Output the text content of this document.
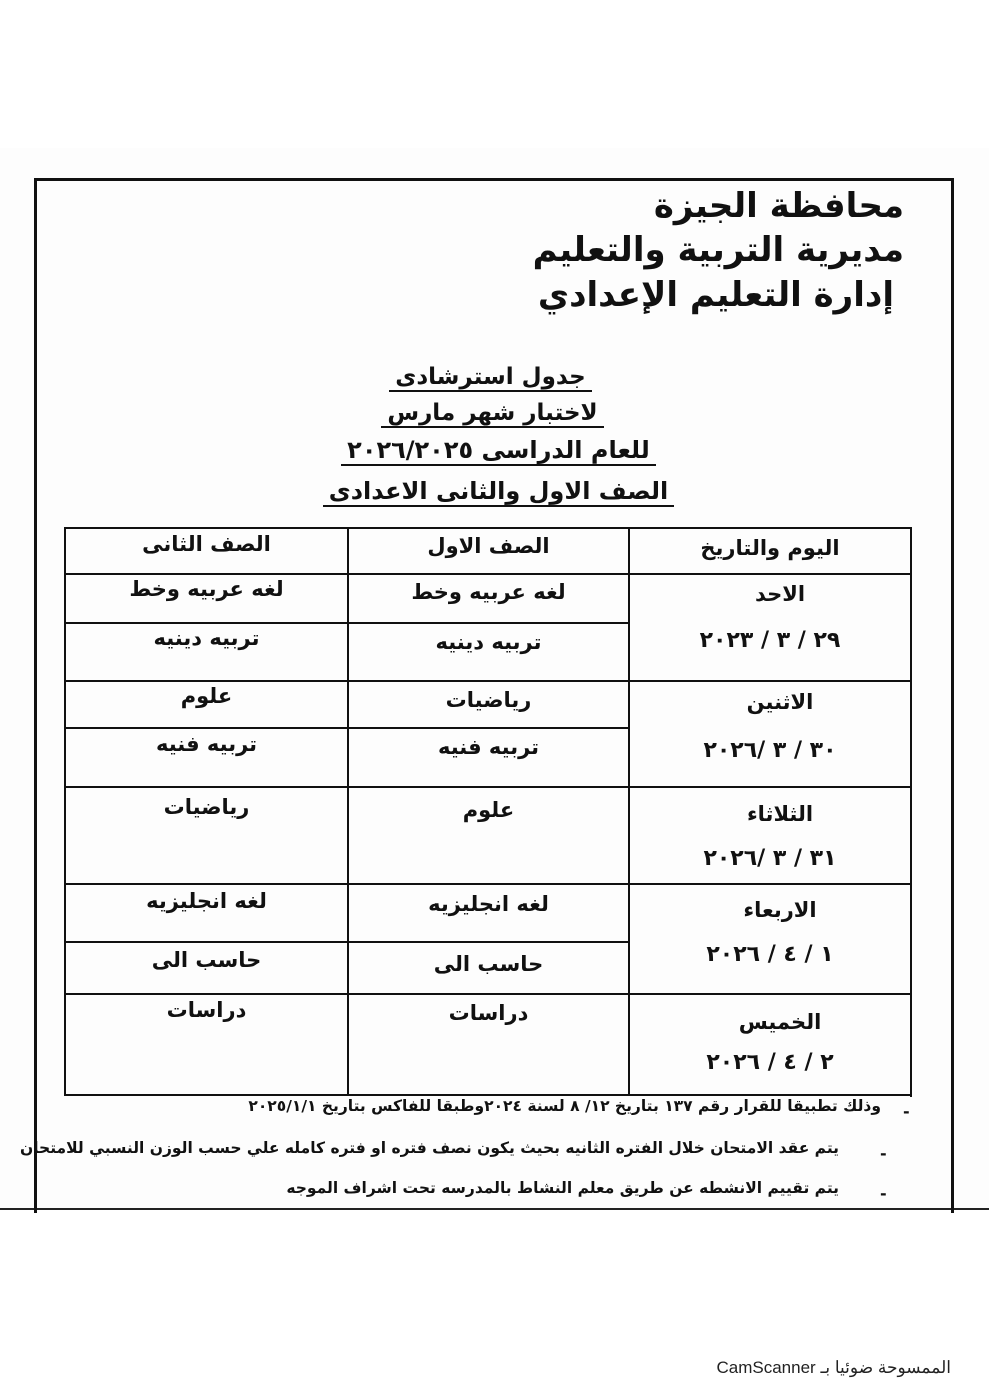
محافظة الجيزة
مديرية التربية والتعليم
إدارة التعليم الإعدادي
جدول استرشادى
لاختبار شهر مارس
للعام الدراسى ٢٠٢٦/٢٠٢٥
الصف الاول والثانى الاعدادى
اليوم والتاريخ
الصف الاول
الصف الثانى
الاحد
٢٩ / ٣ / ٢٠٢٣
لغه عربيه وخط
تربيه دينيه
لغه عربيه وخط
تربيه دينيه
الاثنين
٣٠ / ٣ /٢٠٢٦
رياضيات
تربيه فنيه
علوم
تربيه فنيه
الثلاثاء
٣١ / ٣ /٢٠٢٦
علوم
رياضيات
الاربعاء
١ / ٤ / ٢٠٢٦
لغه انجليزيه
حاسب الى
لغه انجليزيه
حاسب الى
الخميس
٢ / ٤ / ٢٠٢٦
دراسات
دراسات
-
وذلك تطبيقا للقرار رقم ١٣٧ بتاريخ ١٢/ ٨ لسنة ٢٠٢٤وطبقا للفاكس بتاريخ ٢٠٢٥/١/١
-
يتم عقد الامتحان خلال الفتره الثانيه بحيث يكون نصف فتره او فتره كامله علي حسب الوزن النسبي للامتحان
-
يتم تقييم الانشطه عن طريق معلم النشاط بالمدرسه تحت اشراف الموجه
الممسوحة ضوئيا بـ CamScanner
